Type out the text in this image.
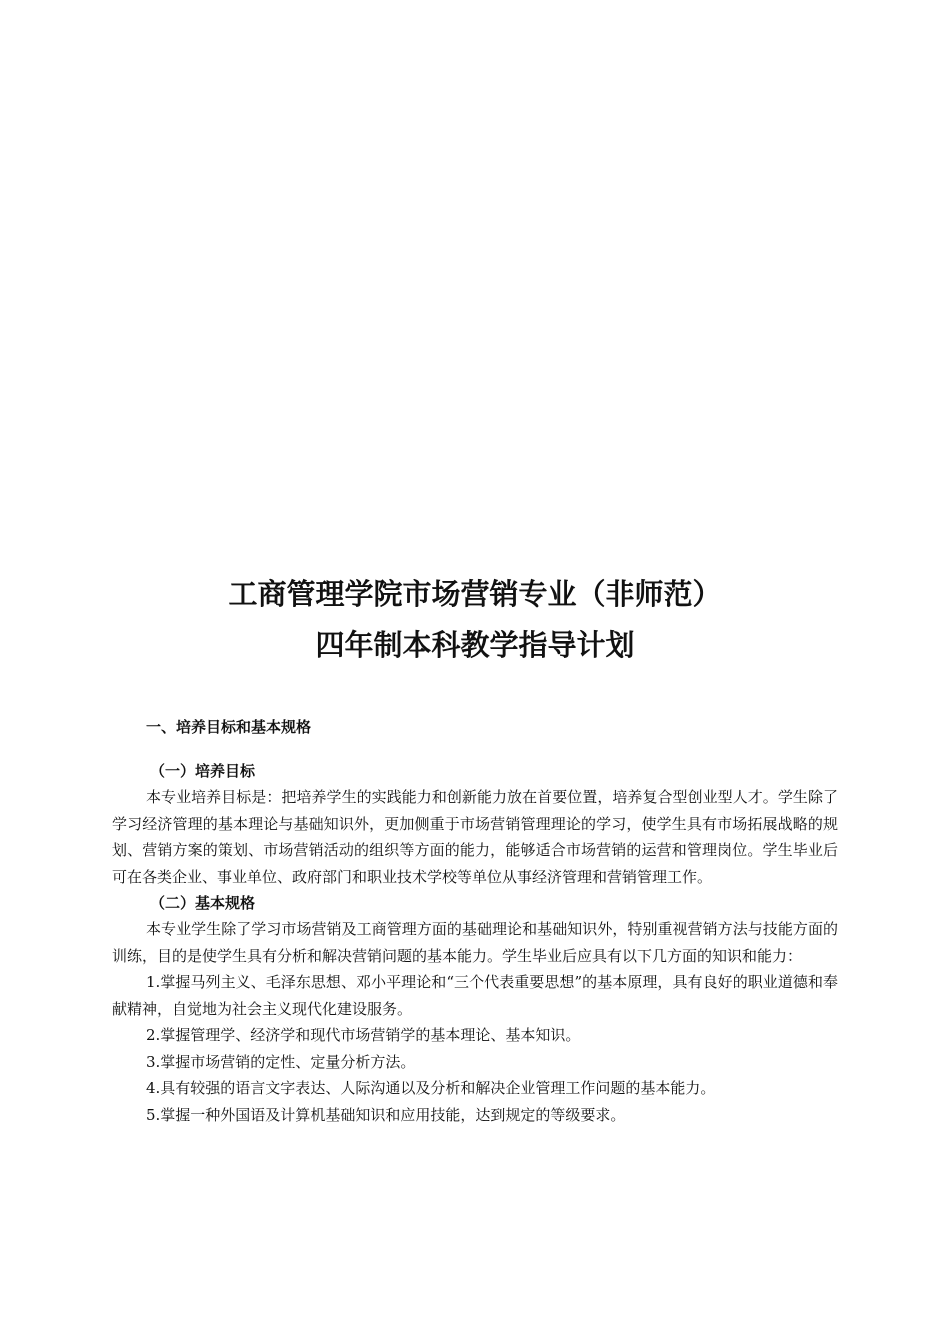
工商管理学院市场营销专业（非师范）
四年制本科教学指导计划
一、培养目标和基本规格
（一）培养目标

本专业培养目标是：把培养学生的实践能力和创新能力放在首要位置，培养复合型创业型人才。学生除了学习经济管理的基本理论与基础知识外，更加侧重于市场营销管理理论的学习，使学生具有市场拓展战略的规划、营销方案的策划、市场营销活动的组织等方面的能力，能够适合市场营销的运营和管理岗位。学生毕业后可在各类企业、事业单位、政府部门和职业技术学校等单位从事经济管理和营销管理工作。

（二）基本规格

本专业学生除了学习市场营销及工商管理方面的基础理论和基础知识外，特别重视营销方法与技能方面的训练，目的是使学生具有分析和解决营销问题的基本能力。学生毕业后应具有以下几方面的知识和能力：

1.掌握马列主义、毛泽东思想、邓小平理论和“三个代表重要思想”的基本原理，具有良好的职业道德和奉献精神，自觉地为社会主义现代化建设服务。

2.掌握管理学、经济学和现代市场营销学的基本理论、基本知识。

3.掌握市场营销的定性、定量分析方法。

4.具有较强的语言文字表达、人际沟通以及分析和解决企业管理工作问题的基本能力。

5.掌握一种外国语及计算机基础知识和应用技能，达到规定的等级要求。
